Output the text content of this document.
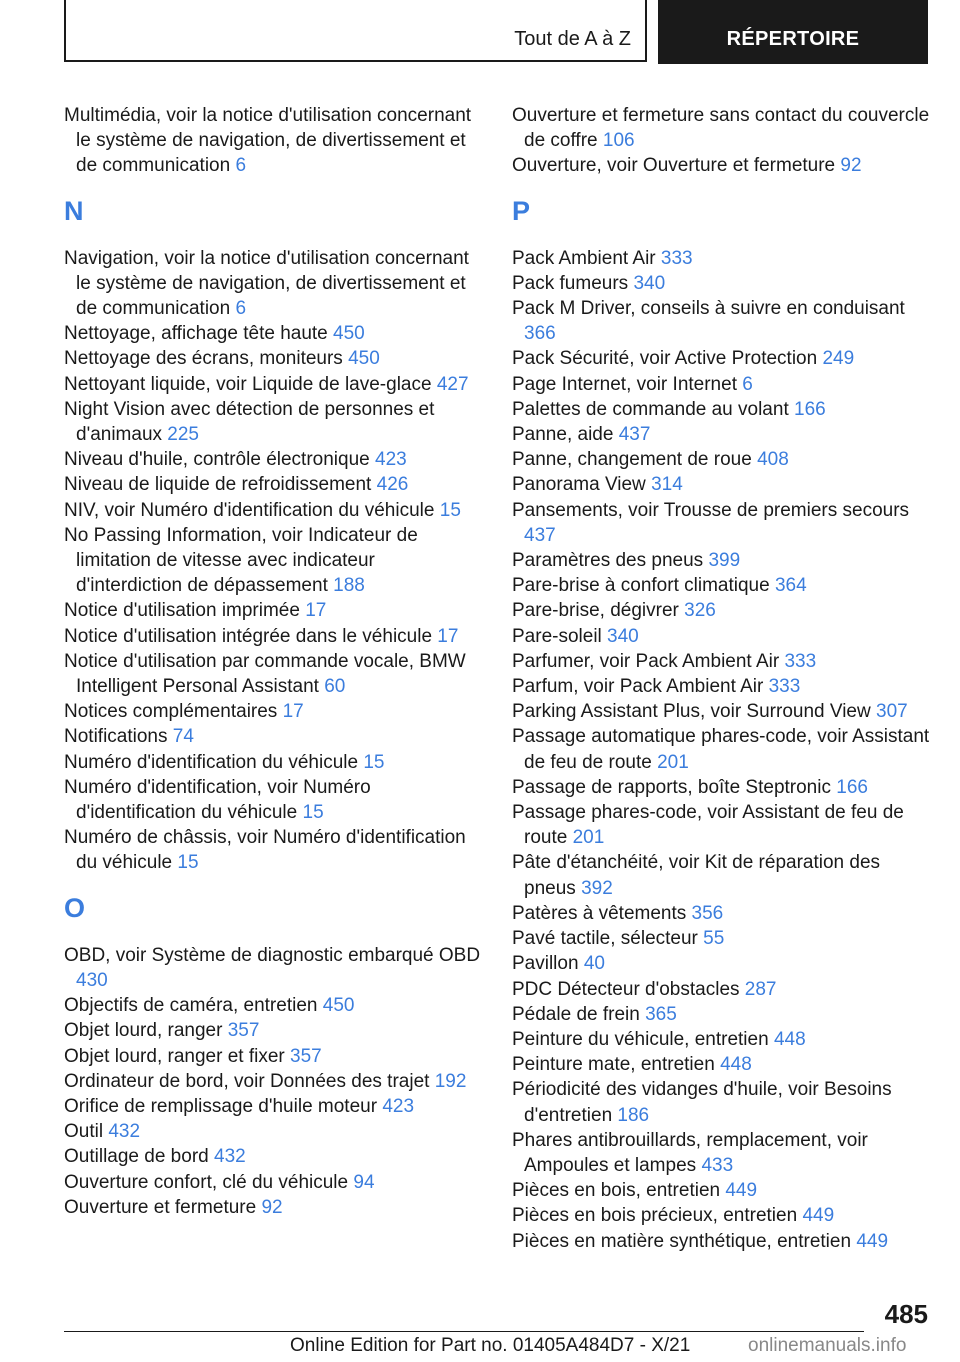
Tout de A à Z	RÉPERTOIRE

Multimédia, voir la notice d'utilisation concernant le système de navigation, de divertissement et de communication 6

N

Navigation, voir la notice d'utilisation concernant le système de navigation, de divertissement et de communication 6

Nettoyage, affichage tête haute 450

Nettoyage des écrans, moniteurs 450

Nettoyant liquide, voir Liquide de lave-glace 427

Night Vision avec détection de personnes et d'animaux 225

Niveau d'huile, contrôle électronique 423

Niveau de liquide de refroidissement 426

NIV, voir Numéro d'identification du véhicule 15

No Passing Information, voir Indicateur de limitation de vitesse avec indicateur d'interdiction de dépassement 188

Notice d'utilisation imprimée 17

Notice d'utilisation intégrée dans le véhicule 17

Notice d'utilisation par commande vocale, BMW Intelligent Personal Assistant 60

Notices complémentaires 17

Notifications 74

Numéro d'identification du véhicule 15

Numéro d'identification, voir Numéro d'identification du véhicule 15

Numéro de châssis, voir Numéro d'identification du véhicule 15

O

OBD, voir Système de diagnostic embarqué OBD 430

Objectifs de caméra, entretien 450

Objet lourd, ranger 357

Objet lourd, ranger et fixer 357

Ordinateur de bord, voir Données des trajet 192

Orifice de remplissage d'huile moteur 423

Outil 432

Outillage de bord 432

Ouverture confort, clé du véhicule 94

Ouverture et fermeture 92

Ouverture et fermeture sans contact du couvercle de coffre 106

Ouverture, voir Ouverture et fermeture 92

P

Pack Ambient Air 333

Pack fumeurs 340

Pack M Driver, conseils à suivre en conduisant 366

Pack Sécurité, voir Active Protection 249

Page Internet, voir Internet 6

Palettes de commande au volant 166

Panne, aide 437

Panne, changement de roue 408

Panorama View 314

Pansements, voir Trousse de premiers secours 437

Paramètres des pneus 399

Pare-brise à confort climatique 364

Pare-brise, dégivrer 326

Pare-soleil 340

Parfumer, voir Pack Ambient Air 333

Parfum, voir Pack Ambient Air 333

Parking Assistant Plus, voir Surround View 307

Passage automatique phares-code, voir Assistant de feu de route 201

Passage de rapports, boîte Steptronic 166

Passage phares-code, voir Assistant de feu de route 201

Pâte d'étanchéité, voir Kit de réparation des pneus 392

Patères à vêtements 356

Pavé tactile, sélecteur 55

Pavillon 40

PDC Détecteur d'obstacles 287

Pédale de frein 365

Peinture du véhicule, entretien 448

Peinture mate, entretien 448

Périodicité des vidanges d'huile, voir Besoins d'entretien 186

Phares antibrouillards, remplacement, voir Ampoules et lampes 433

Pièces en bois, entretien 449

Pièces en bois précieux, entretien 449

Pièces en matière synthétique, entretien 449

485
Online Edition for Part no. 01405A484D7 - X/21	onlinemanuals.info
